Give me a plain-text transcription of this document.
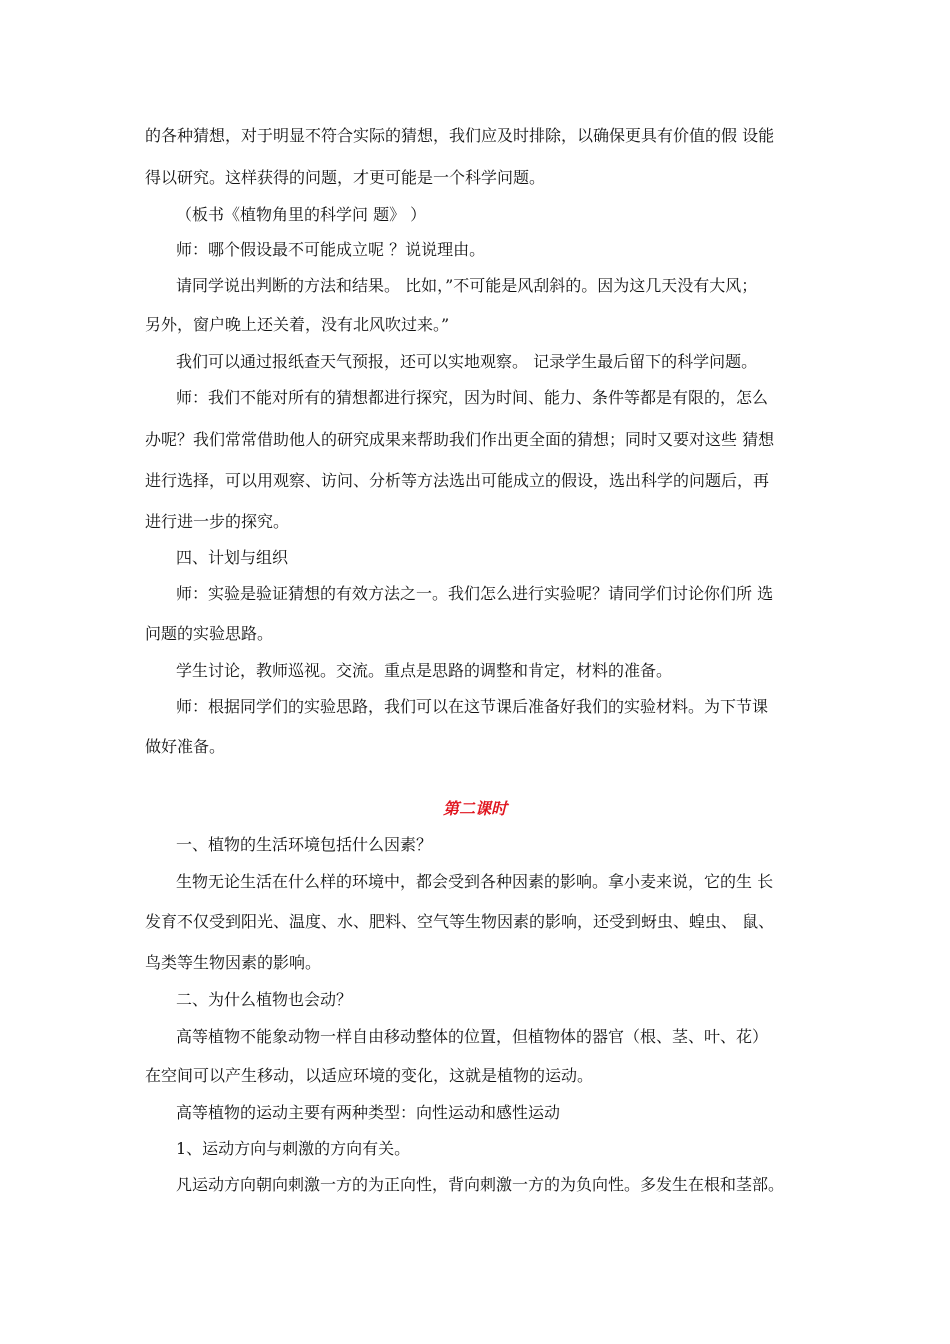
的各种猜想，对于明显不符合实际的猜想，我们应及时排除，以确保更具有价值的假 设能
得以研究。这样获得的问题，才更可能是一个科学问题。
（板书《植物角里的科学问 题》 ）
师：哪个假设最不可能成立呢 ？说说理由。
请同学说出判断的方法和结果。 比如，”不可能是风刮斜的。因为这几天没有大风；
另外，窗户晚上还关着，没有北风吹过来。”
我们可以通过报纸查天气预报，还可以实地观察。 记录学生最后留下的科学问题。
师：我们不能对所有的猜想都进行探究，因为时间、能力、条件等都是有限的，怎么
办呢？我们常常借助他人的研究成果来帮助我们作出更全面的猜想；同时又要对这些 猜想
进行选择，可以用观察、访问、分析等方法选出可能成立的假设，选出科学的问题后，再
进行进一步的探究。
四、计划与组织
师：实验是验证猜想的有效方法之一。我们怎么进行实验呢？请同学们讨论你们所 选
问题的实验思路。
学生讨论，教师巡视。交流。重点是思路的调整和肯定，材料的准备。
师：根据同学们的实验思路，我们可以在这节课后准备好我们的实验材料。为下节课
做好准备。
第二课时
一、植物的生活环境包括什么因素？
生物无论生活在什么样的环境中，都会受到各种因素的影响。拿小麦来说，它的生 长
发育不仅受到阳光、温度、水、肥料、空气等生物因素的影响，还受到蚜虫、蝗虫、 鼠、
鸟类等生物因素的影响。
二、为什么植物也会动？
高等植物不能象动物一样自由移动整体的位置，但植物体的器官（根、茎、叶、花）
在空间可以产生移动，以适应环境的变化，这就是植物的运动。
高等植物的运动主要有两种类型：向性运动和感性运动
1、运动方向与刺激的方向有关。
凡运动方向朝向刺激一方的为正向性，背向刺激一方的为负向性。多发生在根和茎部。
